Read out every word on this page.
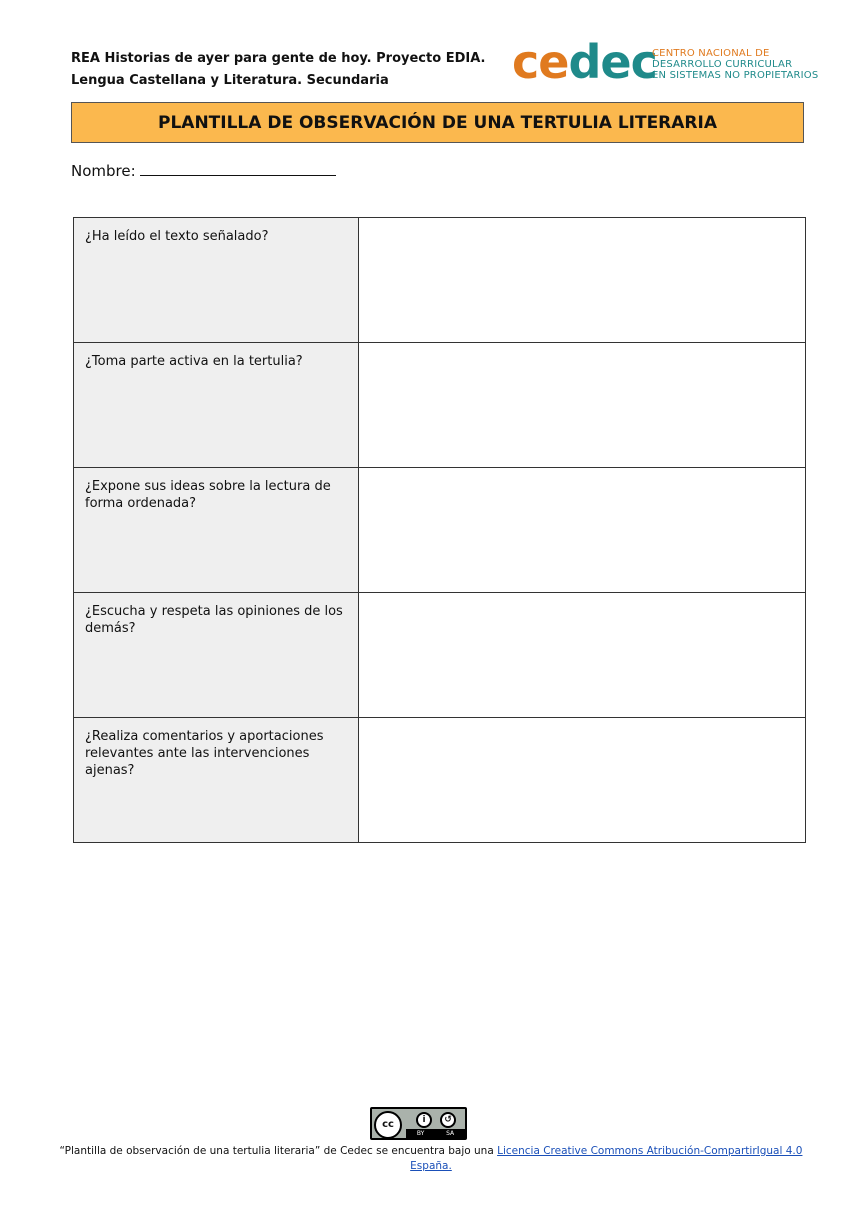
REA Historias de ayer para gente de hoy. Proyecto EDIA.
Lengua Castellana y Literatura. Secundaria	cedec
CENTRO NACIONAL DE
DESARROLLO CURRICULAR
EN SISTEMAS NO PROPIETARIOS
PLANTILLA DE OBSERVACIÓN DE UNA TERTULIA LITERARIA
Nombre:
¿Ha leído el texto señalado?	

¿Toma parte activa en la tertulia?	

¿Expone sus ideas sobre la lectura de forma ordenada?	

¿Escucha y respeta las opiniones de los demás?	

¿Realiza comentarios y aportaciones relevantes ante las intervenciones ajenas?	

cc	i	↺
BY	SA
“Plantilla de observación de una tertulia literaria” de Cedec se encuentra bajo una Licencia Creative Commons Atribución-CompartirIgual 4.0 España.
